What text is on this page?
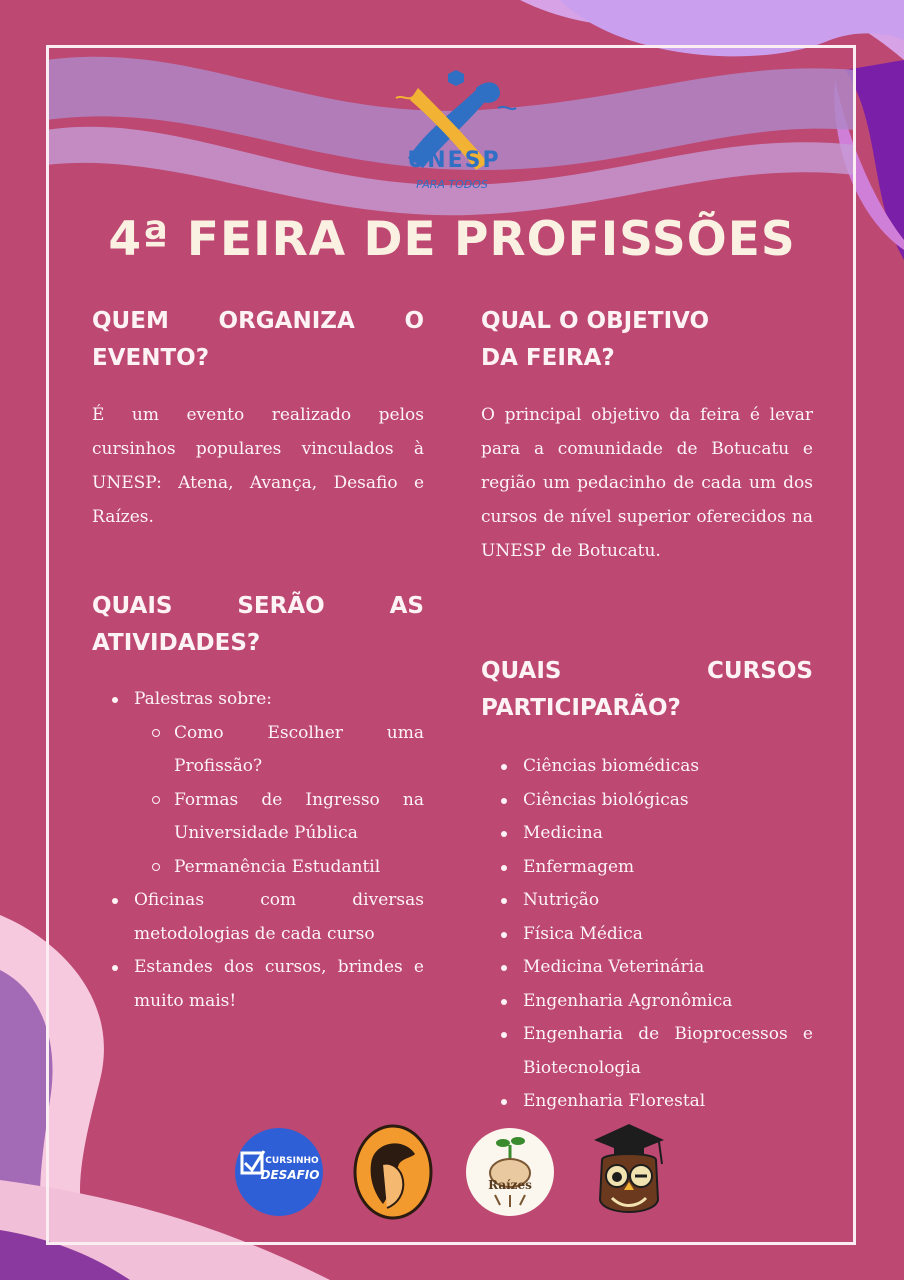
UNESP
PARA TODOS
4ª FEIRA DE PROFISSÕES
QUEM ORGANIZA O
EVENTO?
É um evento realizado pelos cursinhos populares vinculados à UNESP: Atena, Avança, Desafio e Raízes.
QUAIS SERÃO AS
ATIVIDADES?
Palestras sobre:
Como Escolher uma Profissão?
Formas de Ingresso na Universidade Pública
Permanência Estudantil
Oficinas com diversas metodologias de cada curso
Estandes dos cursos, brindes e muito mais!
QUAL O OBJETIVO
DA FEIRA?
O principal objetivo da feira é levar para a comunidade de Botucatu e região um pedacinho de cada um dos cursos de nível superior oferecidos na UNESP de Botucatu.
QUAIS CURSOS
PARTICIPARÃO?
Ciências biomédicas
Ciências biológicas
Medicina
Enfermagem
Nutrição
Física Médica
Medicina Veterinária
Engenharia Agronômica
Engenharia de Bioprocessos e Biotecnologia
Engenharia Florestal
CURSINHO
DESAFIO
Raízes
